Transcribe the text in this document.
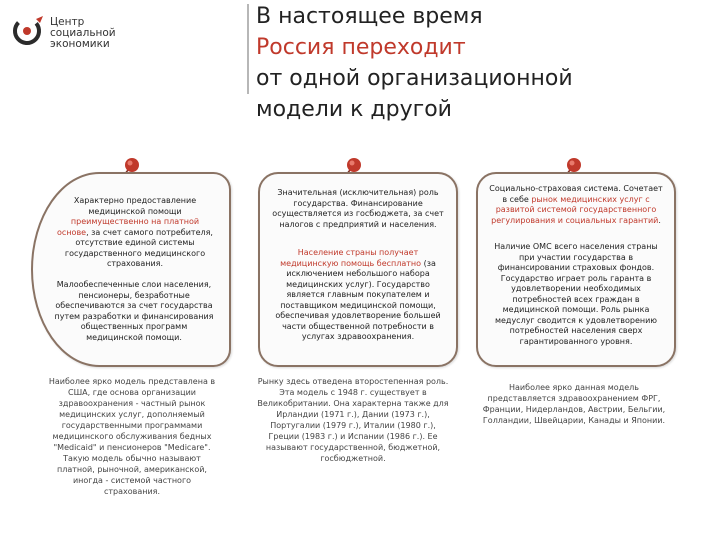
Центр
социальной
экономики
В настоящее время
Россия переходит
от одной организационной
модели к другой
Характерно предоставление медицинской помощи преимущественно на платной основе, за счет самого потребителя, отсутствие единой системы государственного медицинского страхования.
Малообеспеченные слои населения, пенсионеры, безработные обеспечиваются за счет государства путем разработки и финансирования общественных программ медицинской помощи.
Значительная (исключительная) роль государства. Финансирование осуществляется из госбюджета, за счет налогов с предприятий и населения.
Население страны получает медицинскую помощь бесплатно (за исключением небольшого набора медицинских услуг). Государство является главным покупателем и поставщиком медицинской помощи, обеспечивая удовлетворение большей части общественной потребности в услугах здравоохранения.
Социально-страховая система. Сочетает в себе рынок медицинских услуг с развитой системой государственного регулирования и социальных гарантий.
Наличие ОМС всего населения страны при участии государства в финансировании страховых фондов. Государство играет роль гаранта в удовлетворении необходимых потребностей всех граждан в медицинской помощи. Роль рынка медуслуг сводится к удовлетворению потребностей населения сверх гарантированного уровня.
Наиболее ярко модель представлена в США, где основа организации здравоохранения - частный рынок медицинских услуг, дополняемый государственными программами медицинского обслуживания бедных "Medicaid" и пенсионеров "Medicare". Такую модель обычно называют платной, рыночной, американской, иногда - системой частного страхования.
Рынку здесь отведена второстепенная роль. Эта модель с 1948 г. существует в Великобритании. Она характерна также для Ирландии (1971 г.), Дании (1973 г.), Португалии (1979 г.), Италии (1980 г.), Греции (1983 г.) и Испании (1986 г.). Ее называют государственной, бюджетной, госбюджетной.
Наиболее ярко данная модель представляется здравоохранением ФРГ, Франции, Нидерландов, Австрии, Бельгии, Голландии, Швейцарии, Канады и Японии.
